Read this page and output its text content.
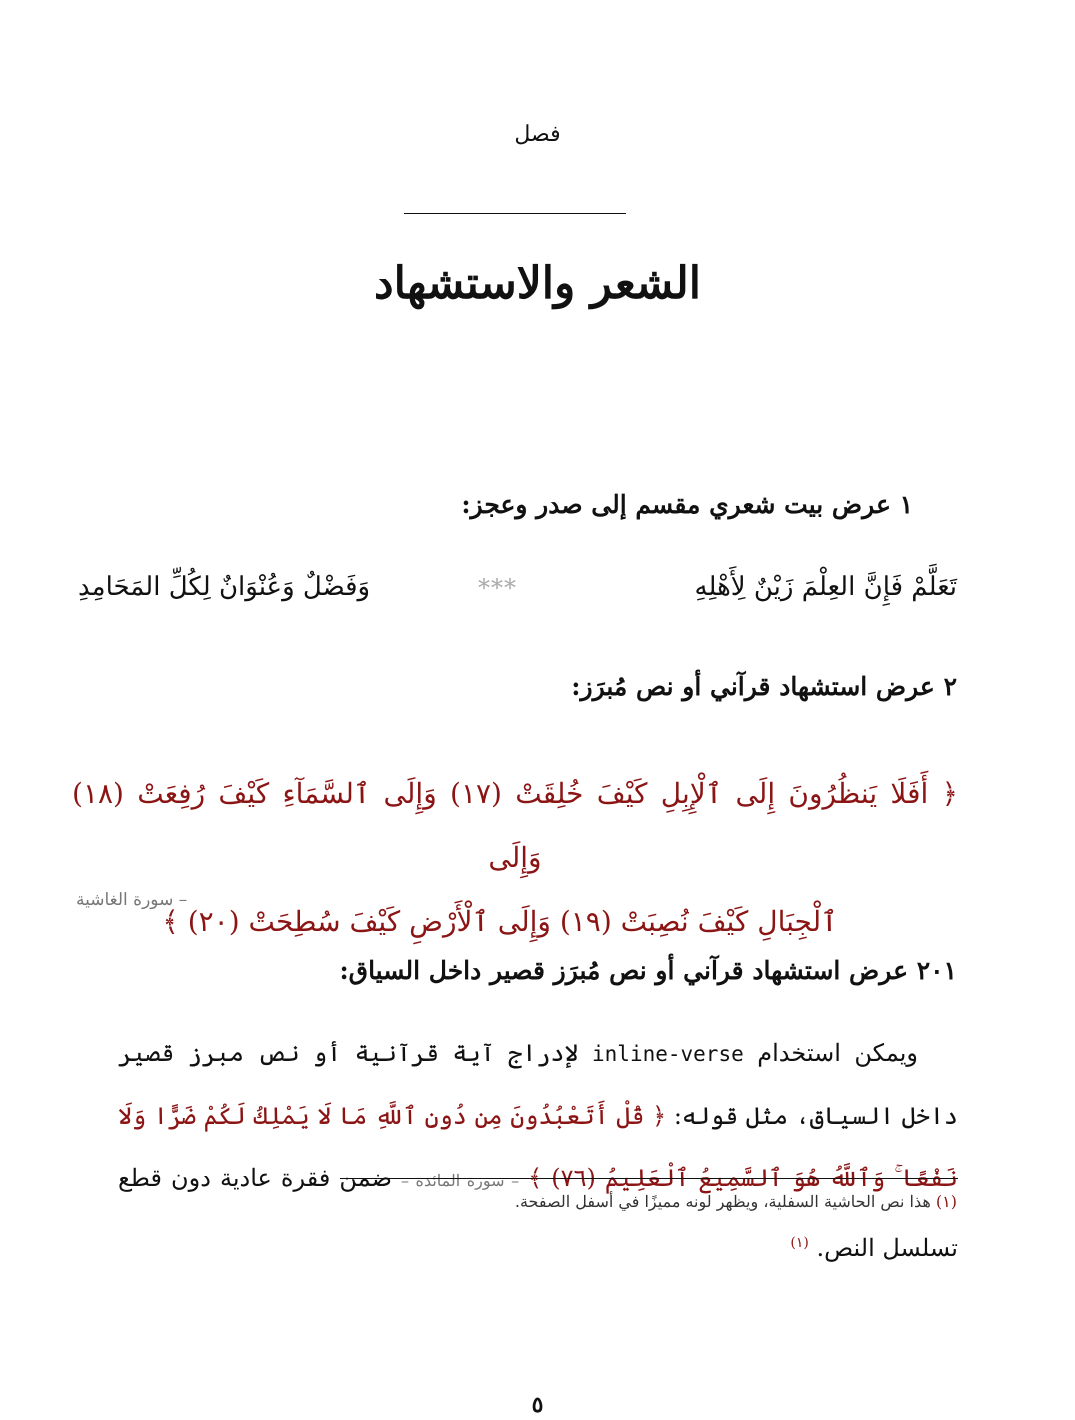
فصل
الشعر والاستشهاد
١ عرض بيت شعري مقسم إلى صدر وعجز:
تَعَلَّمْ فَإِنَّ العِلْمَ زَيْنٌ لِأَهْلِهِ
***
وَفَضْلٌ وَعُنْوَانٌ لِكُلِّ المَحَامِدِ
٢ عرض استشهاد قرآني أو نص مُبرَز:
﴿ أَفَلَا يَنظُرُونَ إِلَى ٱلْإِبِلِ كَيْفَ خُلِقَتْ (١٧) وَإِلَى ٱلسَّمَآءِ كَيْفَ رُفِعَتْ (١٨) وَإِلَى
ٱلْجِبَالِ كَيْفَ نُصِبَتْ (١٩) وَإِلَى ٱلْأَرْضِ كَيْفَ سُطِحَتْ (٢٠) ﴾
– سورة الغاشية
٢٠١ عرض استشهاد قرآني أو نص مُبرَز قصير داخل السياق:
ويمكن استخدام inline-verse لإدراج آية قرآنية أو نص مبرز قصير داخل السياق، مثل قوله: ﴿ قُلْ أَتَعْبُدُونَ مِن دُونِ ٱللَّهِ مَا لَا يَمْلِكُ لَكُمْ ضَرًّا وَلَا نَفْعًا ۚ وَٱللَّهُ هُوَ ٱلسَّمِيعُ ٱلْعَلِيمُ (٧٦) ﴾ – سورة المائدة – ضمن فقرة عادية دون قطع تسلسل النص. $^{(١)}$
(١) هذا نص الحاشية السفلية، ويظهر لونه مميزًا في أسفل الصفحة.
٥
